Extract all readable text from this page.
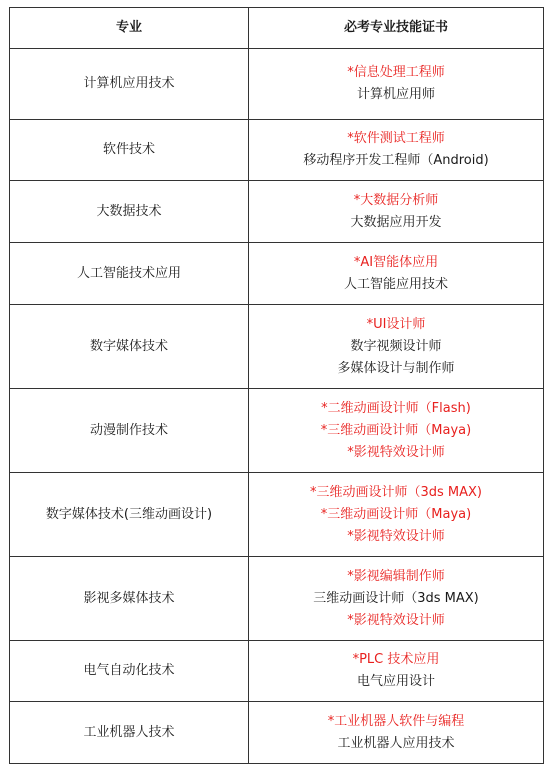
专业	必考专业技能证书
计算机应用技术	*信息处理工程师
计算机应用师

软件技术	*软件测试工程师
移动程序开发工程师（Android)

大数据技术	*大数据分析师
大数据应用开发

人工智能技术应用	*AI智能体应用
人工智能应用技术

数字媒体技术	*UI设计师
数字视频设计师
多媒体设计与制作师

动漫制作技术	*二维动画设计师（Flash)
*三维动画设计师（Maya)
*影视特效设计师

数字媒体技术(三维动画设计)	*三维动画设计师（3ds MAX)
*三维动画设计师（Maya)
*影视特效设计师

影视多媒体技术	*影视编辑制作师
三维动画设计师（3ds MAX)
*影视特效设计师

电气自动化技术	*PLC 技术应用
电气应用设计

工业机器人技术	*工业机器人软件与编程
工业机器人应用技术
